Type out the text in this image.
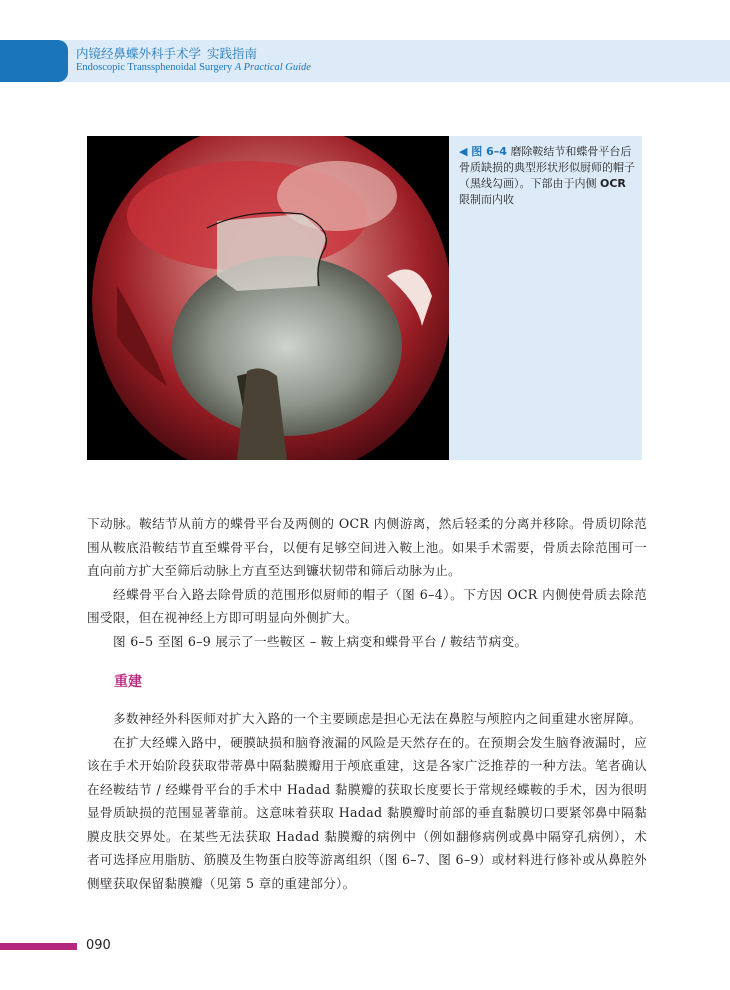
内镜经鼻蝶外科手术学 实践指南
Endoscopic Transsphenoidal Surgery A Practical Guide
◀ 图 6–4 磨除鞍结节和蝶骨平台后骨质缺损的典型形状形似厨师的帽子（黑线勾画）。下部由于内侧 OCR 限制而内收

下动脉。鞍结节从前方的蝶骨平台及两侧的 OCR 内侧游离，然后轻柔的分离并移除。骨质切除范围从鞍底沿鞍结节直至蝶骨平台，以便有足够空间进入鞍上池。如果手术需要，骨质去除范围可一直向前方扩大至筛后动脉上方直至达到镰状韧带和筛后动脉为止。

经蝶骨平台入路去除骨质的范围形似厨师的帽子（图 6–4）。下方因 OCR 内侧使骨质去除范围受限，但在视神经上方即可明显向外侧扩大。

图 6–5 至图 6–9 展示了一些鞍区 – 鞍上病变和蝶骨平台 / 鞍结节病变。

重建

多数神经外科医师对扩大入路的一个主要顾虑是担心无法在鼻腔与颅腔内之间重建水密屏障。

在扩大经蝶入路中，硬膜缺损和脑脊液漏的风险是天然存在的。在预期会发生脑脊液漏时，应该在手术开始阶段获取带蒂鼻中隔黏膜瓣用于颅底重建，这是各家广泛推荐的一种方法。笔者确认在经鞍结节 / 经蝶骨平台的手术中 Hadad 黏膜瓣的获取长度要长于常规经蝶鞍的手术，因为很明显骨质缺损的范围显著靠前。这意味着获取 Hadad 黏膜瓣时前部的垂直黏膜切口要紧邻鼻中隔黏膜皮肤交界处。在某些无法获取 Hadad 黏膜瓣的病例中（例如翻修病例或鼻中隔穿孔病例），术者可选择应用脂肪、筋膜及生物蛋白胶等游离组织（图 6–7、图 6–9）或材料进行修补或从鼻腔外侧壁获取保留黏膜瓣（见第 5 章的重建部分）。

090
